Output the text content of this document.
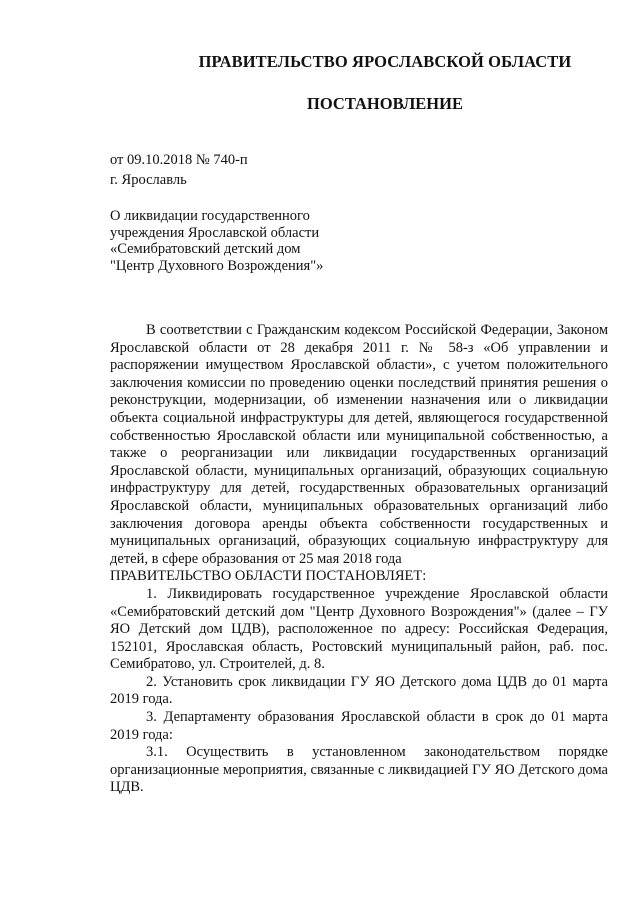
ПРАВИТЕЛЬСТВО ЯРОСЛАВСКОЙ ОБЛАСТИ
ПОСТАНОВЛЕНИЕ
от 09.10.2018 № 740-п
г. Ярославль
О ликвидации государственного
учреждения Ярославской области
«Семибратовский детский дом
"Центр Духовного Возрождения"»

В соответствии с Гражданским кодексом Российской Федерации, Законом Ярославской области от 28 декабря 2011 г. № 58-з «Об управлении и распоряжении имуществом Ярославской области», с учетом положительного заключения комиссии по проведению оценки последствий принятия решения о реконструкции, модернизации, об изменении назначения или о ликвидации объекта социальной инфраструктуры для детей, являющегося государственной собственностью Ярославской области или муниципальной собственностью, а также о реорганизации или ликвидации государственных организаций Ярославской области, муниципальных организаций, образующих социальную инфраструктуру для детей, государственных образовательных организаций Ярославской области, муниципальных образовательных организаций либо заключения договора аренды объекта собственности государственных и муниципальных организаций, образующих социальную инфраструктуру для детей, в сфере образования от 25 мая 2018 года

ПРАВИТЕЛЬСТВО ОБЛАСТИ ПОСТАНОВЛЯЕТ:

1. Ликвидировать государственное учреждение Ярославской области «Семибратовский детский дом "Центр Духовного Возрождения"» (далее – ГУ ЯО Детский дом ЦДВ), расположенное по адресу: Российская Федерация, 152101, Ярославская область, Ростовский муниципальный район, раб. пос. Семибратово, ул. Строителей, д. 8.

2. Установить срок ликвидации ГУ ЯО Детского дома ЦДВ до 01 марта 2019 года.

3. Департаменту образования Ярославской области в срок до 01 марта 2019 года:

3.1. Осуществить в установленном законодательством порядке организационные мероприятия, связанные с ликвидацией ГУ ЯО Детского дома ЦДВ.
